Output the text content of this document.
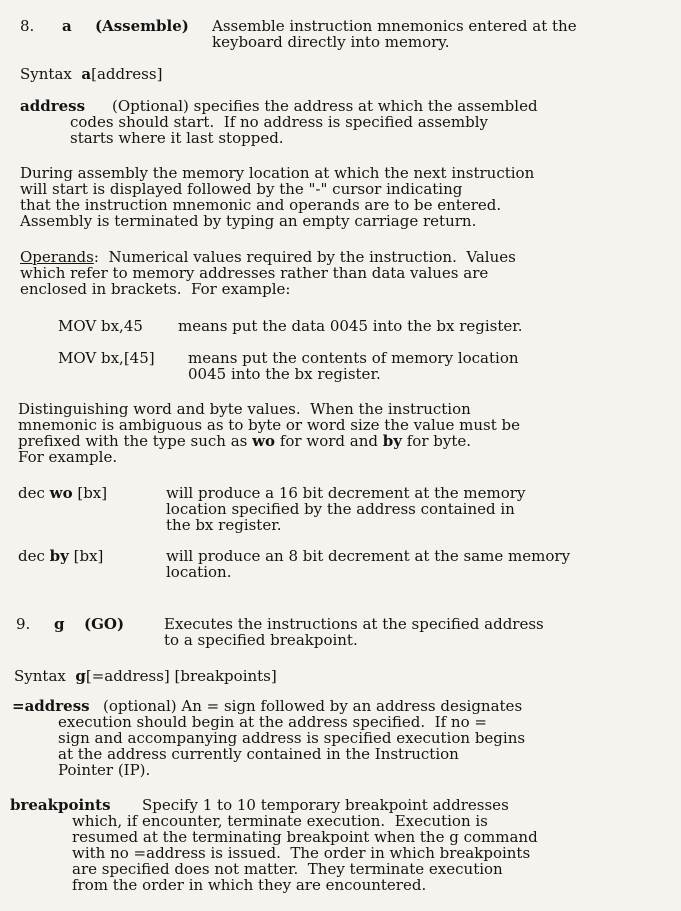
8. a (Assemble) Assemble instruction mnemonics entered at the
keyboard directly into memory.
Syntax a[address]
address (Optional) specifies the address at which the assembled
codes should start.  If no address is specified assembly
starts where it last stopped.
During assembly the memory location at which the next instruction
will start is displayed followed by the "-" cursor indicating
that the instruction mnemonic and operands are to be entered.
Assembly is terminated by typing an empty carriage return.
Operands:  Numerical values required by the instruction.  Values
which refer to memory addresses rather than data values are
enclosed in brackets.  For example:
MOV bx,45 means put the data 0045 into the bx register.
MOV bx,[45] means put the contents of memory location
0045 into the bx register.
Distinguishing word and byte values.  When the instruction
mnemonic is ambiguous as to byte or word size the value must be
prefixed with the type such as wo for word and by for byte.
For example.
dec wo [bx]	will produce a 16 bit decrement at the memory
location specified by the address contained in
the bx register.
dec by [bx]	will produce an 8 bit decrement at the same memory
location.
9. g (GO)	Executes the instructions at the specified address
to a specified breakpoint.
Syntax g[=address] [breakpoints]
=address (optional) An = sign followed by an address designates
execution should begin at the address specified.  If no =
sign and accompanying address is specified execution begins
at the address currently contained in the Instruction
Pointer (IP).
breakpoints Specify 1 to 10 temporary breakpoint addresses
which, if encounter, terminate execution.  Execution is
resumed at the terminating breakpoint when the g command
with no =address is issued.  The order in which breakpoints
are specified does not matter.  They terminate execution
from the order in which they are encountered.
